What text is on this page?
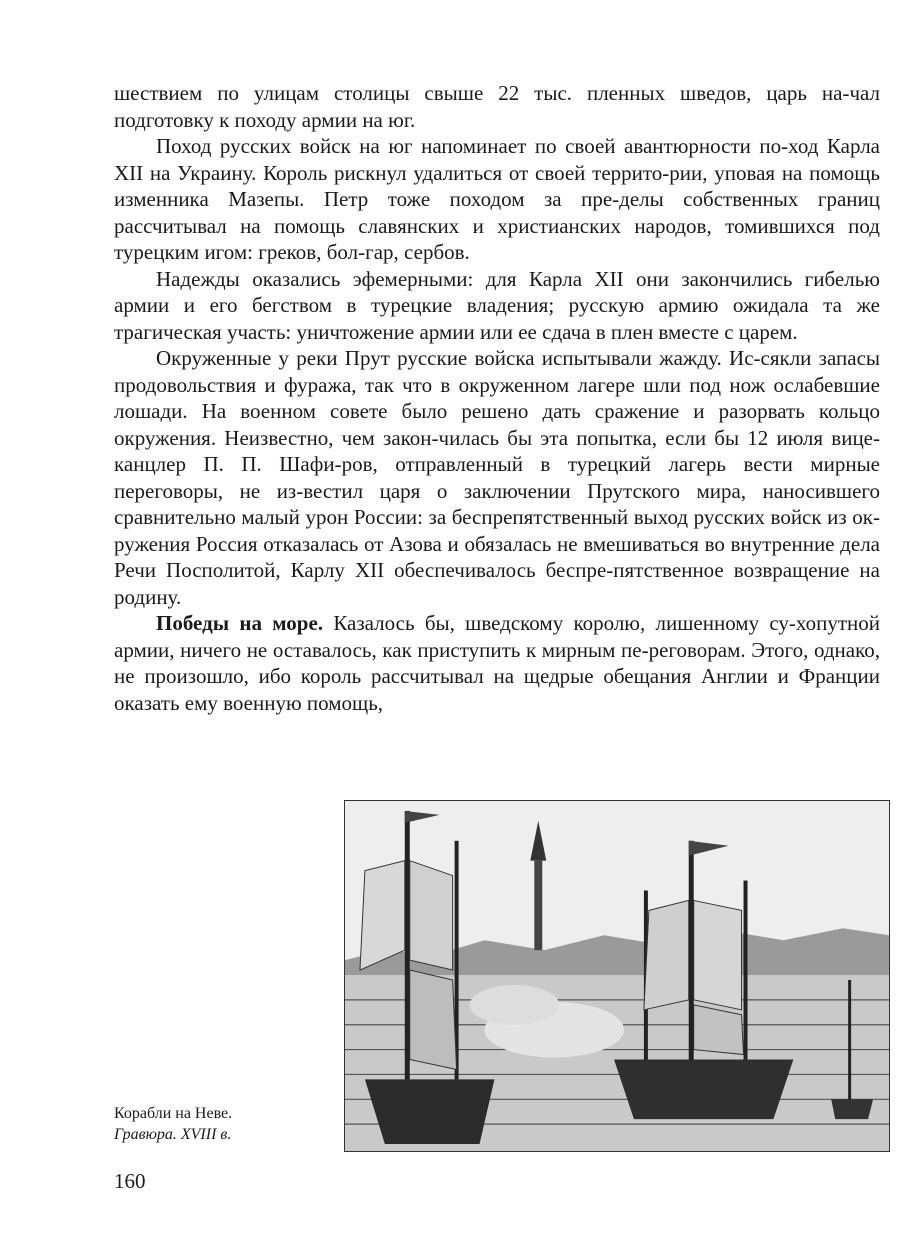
шествием по улицам столицы свыше 22 тыс. пленных шведов, царь на-чал подготовку к походу армии на юг.

Поход русских войск на юг напоминает по своей авантюрности по-ход Карла XII на Украину. Король рискнул удалиться от своей террито-рии, уповая на помощь изменника Мазепы. Петр тоже походом за пре-делы собственных границ рассчитывал на помощь славянских и христианских народов, томившихся под турецким игом: греков, бол-гар, сербов.

Надежды оказались эфемерными: для Карла XII они закончились гибелью армии и его бегством в турецкие владения; русскую армию ожидала та же трагическая участь: уничтожение армии или ее сдача в плен вместе с царем.

Окруженные у реки Прут русские войска испытывали жажду. Ис-сякли запасы продовольствия и фуража, так что в окруженном лагере шли под нож ослабевшие лошади. На военном совете было решено дать сражение и разорвать кольцо окружения. Неизвестно, чем закон-чилась бы эта попытка, если бы 12 июля вице-канцлер П. П. Шафи-ров, отправленный в турецкий лагерь вести мирные переговоры, не из-вестил царя о заключении Прутского мира, наносившего сравнительно малый урон России: за беспрепятственный выход русских войск из ок-ружения Россия отказалась от Азова и обязалась не вмешиваться во внутренние дела Речи Посполитой, Карлу XII обеспечивалось беспре-пятственное возвращение на родину.

Победы на море. Казалось бы, шведскому королю, лишенному су-хопутной армии, ничего не оставалось, как приступить к мирным пе-реговорам. Этого, однако, не произошло, ибо король рассчитывал на щедрые обещания Англии и Франции оказать ему военную помощь,

Корабли на Неве.
Гравюра. XVIII в.
160
